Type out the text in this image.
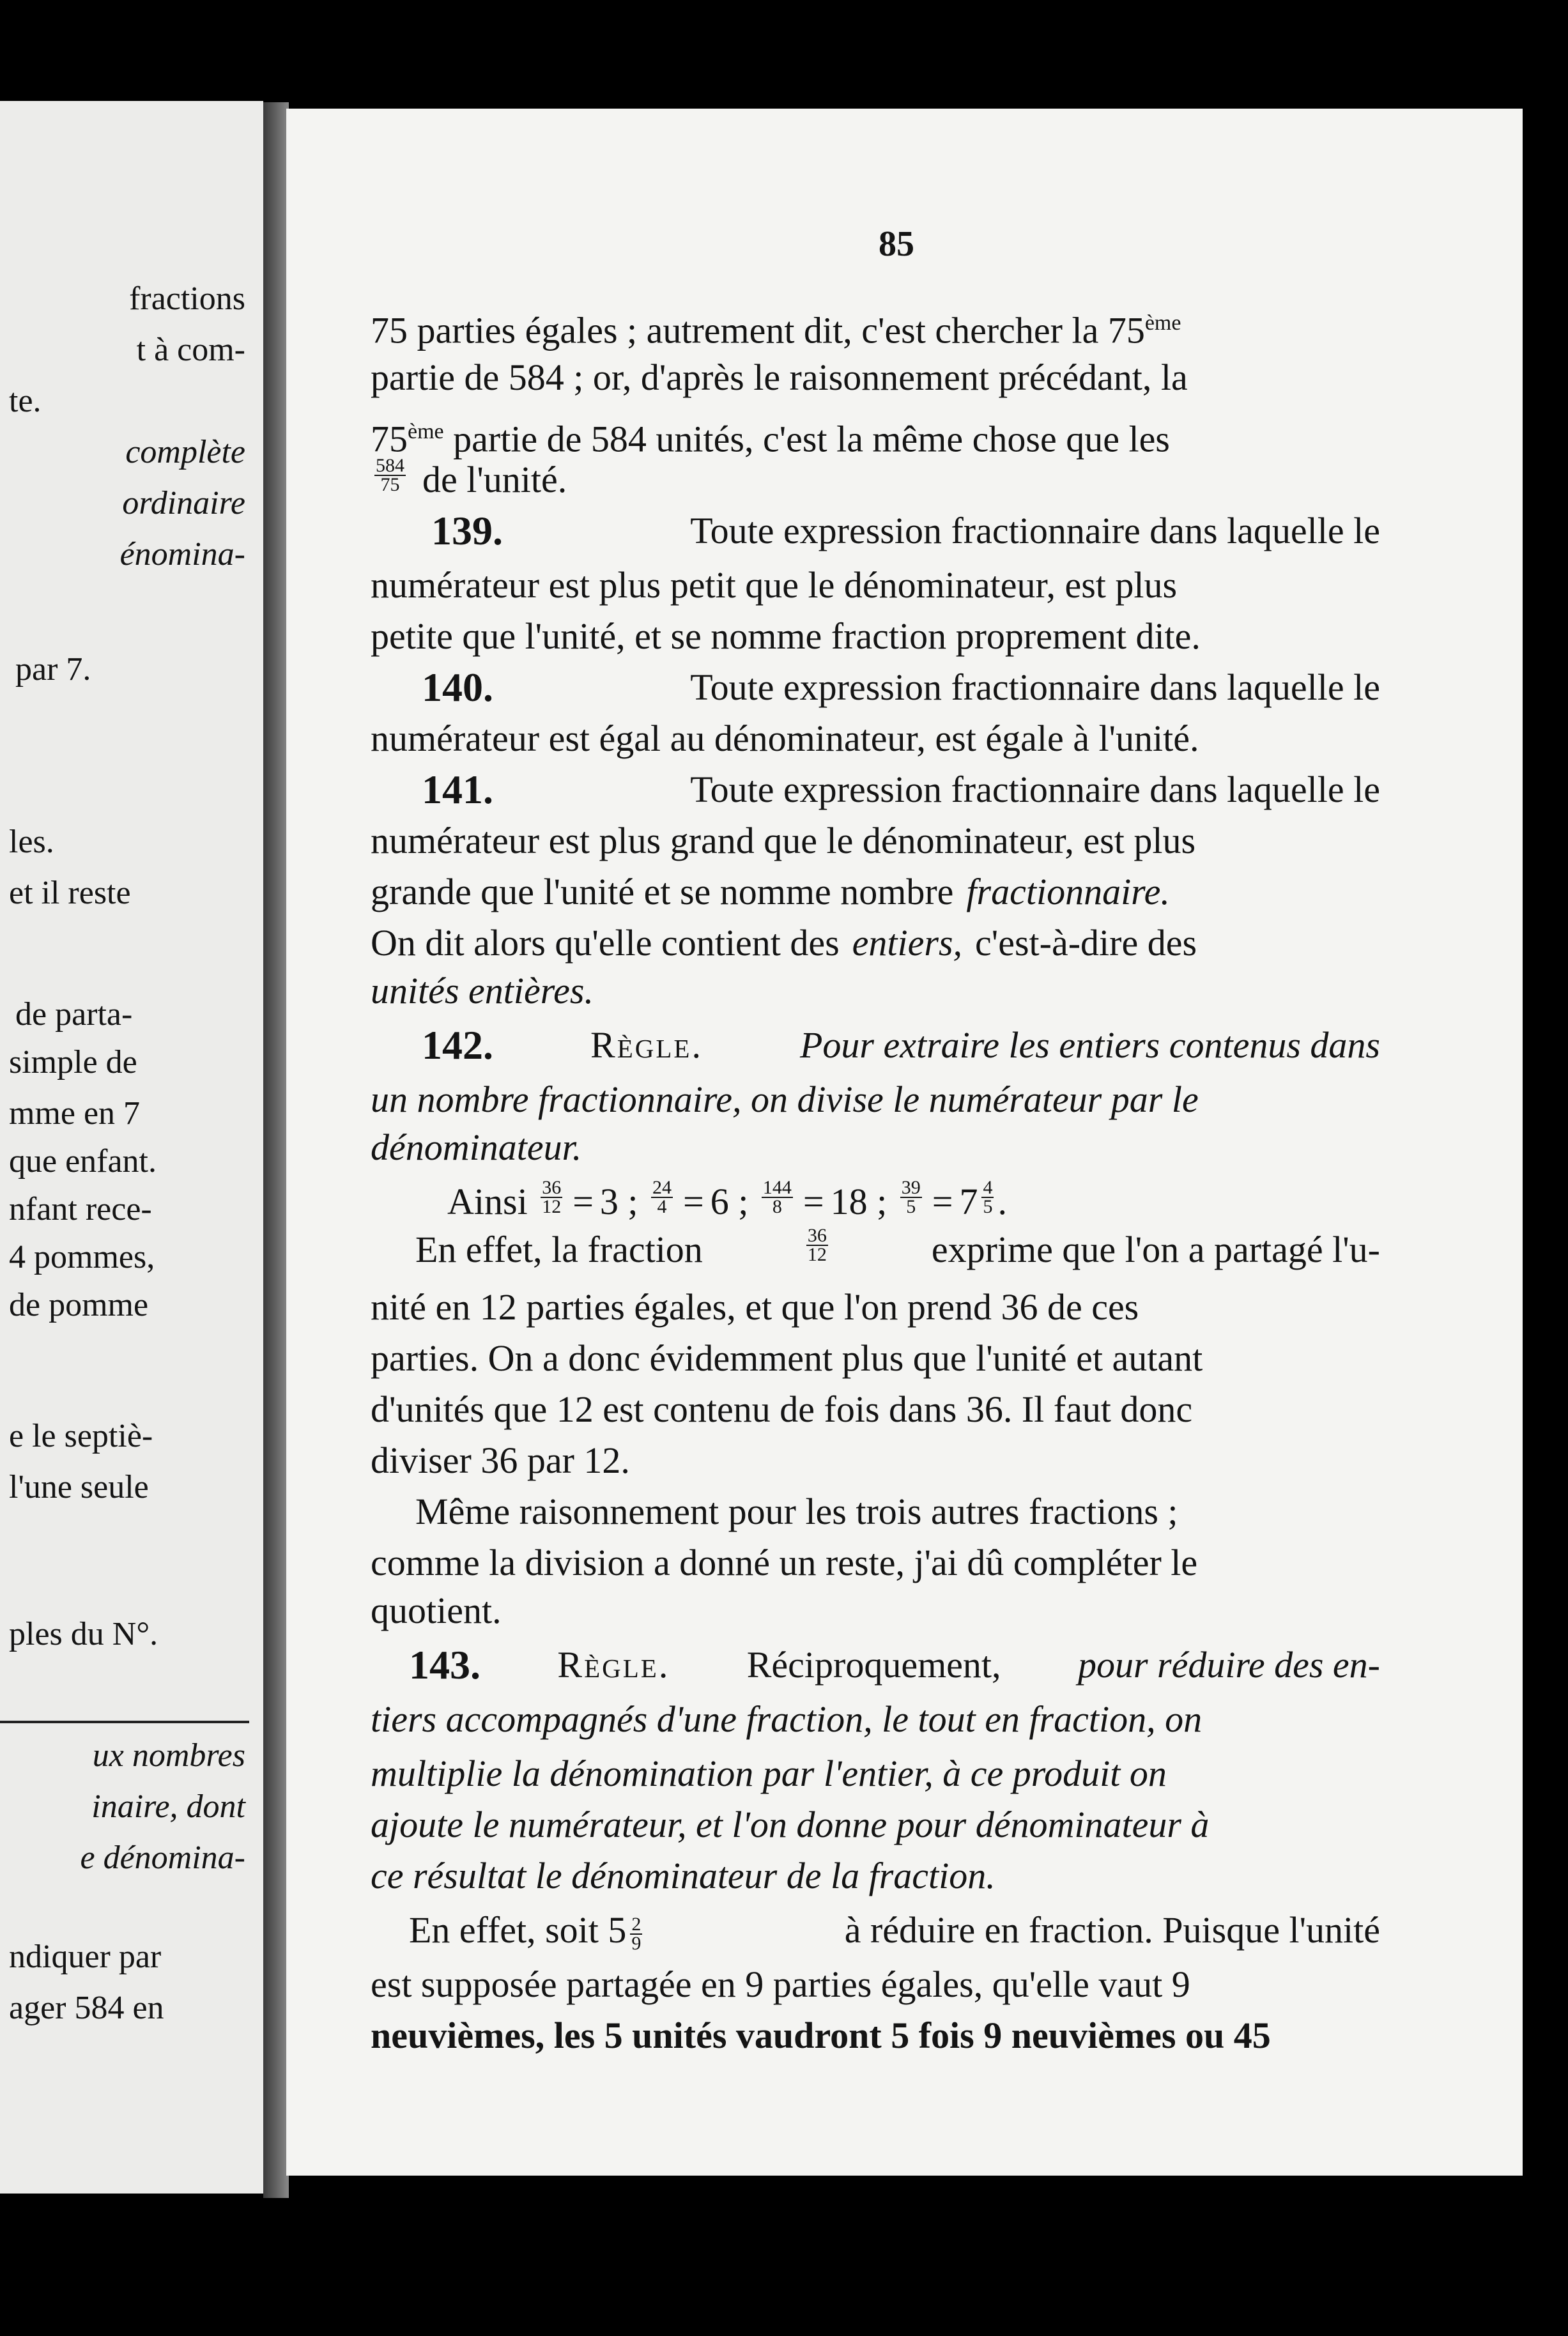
fractions
t à com-
te.
complète
ordinaire
énomina-
par 7.
les.
et il reste
de parta-
simple de
mme en 7
que enfant.
nfant rece-
4 pommes,
de pomme
e le septiè-
l'une seule
ples du N°.
ux nombres
inaire, dont
e dénomina-
ndiquer par
ager 584 en
85
75 parties égales ; autrement dit, c'est chercher la 75ème
partie de 584 ; or, d'après le raisonnement précédant, la
75ème partie de 584 unités, c'est la même chose que les
$\frac{584}{75}$ de l'unité.
139.	Toute expression fractionnaire dans laquelle le
numérateur est plus petit que le dénominateur, est plus
petite que l'unité, et se nomme fraction proprement dite.
140.	Toute expression fractionnaire dans laquelle le
numérateur est égal au dénominateur, est égale à l'unité.
141.	Toute expression fractionnaire dans laquelle le
numérateur est plus grand que le dénominateur, est plus
grande que l'unité et se nomme nombre fractionnaire.
On dit alors qu'elle contient des entiers, c'est-à-dire des
unités entières.
142.	Règle.	Pour extraire les entiers contenus dans
un nombre fractionnaire, on divise le numérateur par le
dénominateur.
Ainsi
$\frac{36}{12} = 3$ ; $\frac{24}{4} = 6$ ; $\frac{144}{8} = 18$ ; $\frac{39}{5} = 7 \frac{4}{5}$ .
En effet, la fraction	$\frac{36}{12}$	exprime que l'on a partagé l'u-
nité en 12 parties égales, et que l'on prend 36 de ces
parties. On a donc évidemment plus que l'unité et autant
d'unités que 12 est contenu de fois dans 36. Il faut donc
diviser 36 par 12.
Même raisonnement pour les trois autres fractions ;
comme la division a donné un reste, j'ai dû compléter le
quotient.
143. Règle. Réciproquement, pour réduire des en-
tiers accompagnés d'une fraction, le tout en fraction, on
multiplie la dénomination par l'entier, à ce produit on
ajoute le numérateur, et l'on donne pour dénominateur à
ce résultat le dénominateur de la fraction.
En effet, soit $5 \frac{2}{9}$	à réduire en fraction. Puisque l'unité
est supposée partagée en 9 parties égales, qu'elle vaut 9
neuvièmes, les 5 unités vaudront 5 fois 9 neuvièmes ou 45
